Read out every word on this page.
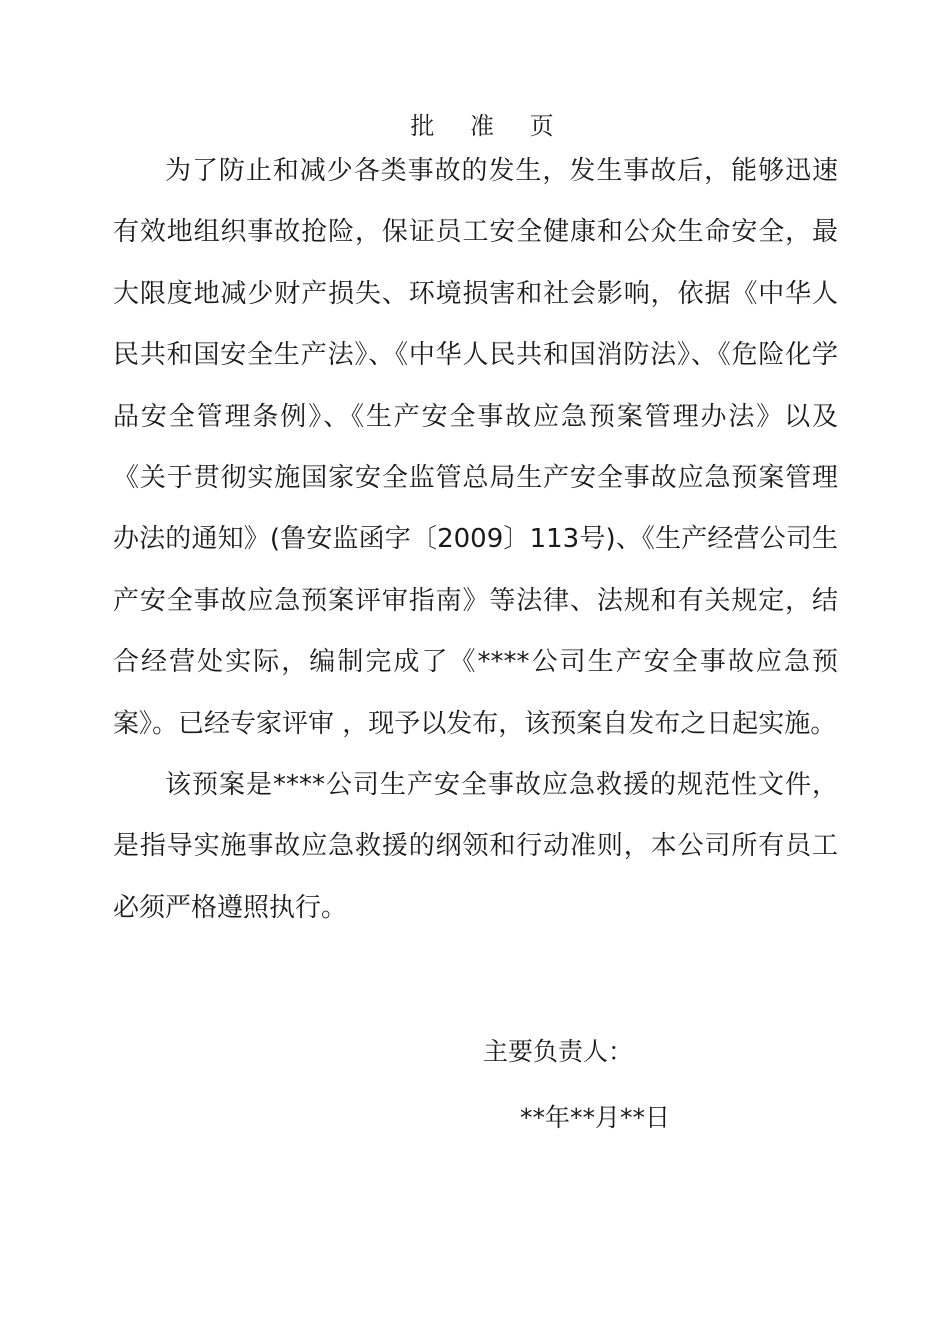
批 准 页
为了防止和减少各类事故的发生，发生事故后，能够迅速有效地组织事故抢险，保证员工安全健康和公众生命安全，最大限度地减少财产损失、环境损害和社会影响，依据《中华人民共和国安全生产法》、《中华人民共和国消防法》、《危险化学品安全管理条例》、《生产安全事故应急预案管理办法》以及《关于贯彻实施国家安全监管总局生产安全事故应急预案管理办法的通知》(鲁安监函字〔2009〕113号)、《生产经营公司生产安全事故应急预案评审指南》等法律、法规和有关规定，结合经营处实际，编制完成了《****公司生产安全事故应急预案》。已经专家评审 ，现予以发布，该预案自发布之日起实施。
该预案是****公司生产安全事故应急救援的规范性文件，是指导实施事故应急救援的纲领和行动准则，本公司所有员工必须严格遵照执行。
主要负责人：
**年**月**日
